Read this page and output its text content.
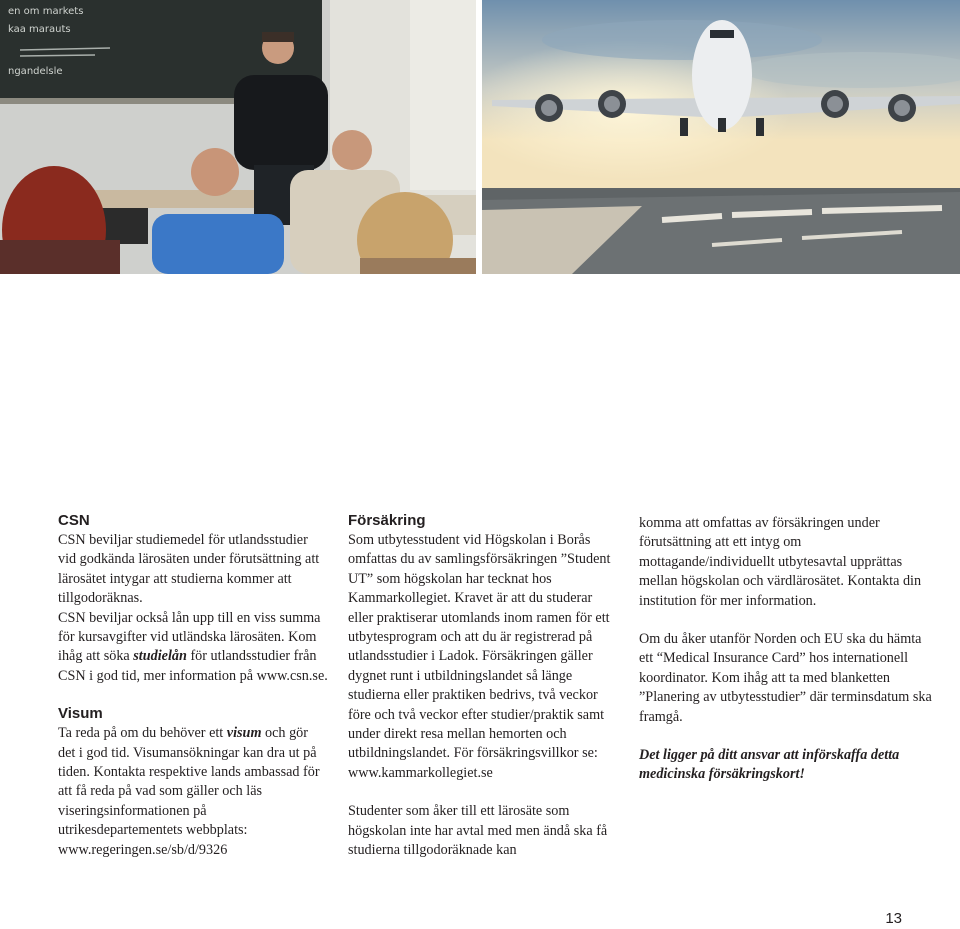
en om markets
kaa marauts
ngandelsle
CSN

CSN beviljar studiemedel för utlandsstudier vid godkända lärosäten under förutsättning att lärosätet intygar att studierna kommer att tillgodoräknas.

CSN beviljar också lån upp till en viss summa för kursavgifter vid utländska lärosäten. Kom ihåg att söka studielån för utlandsstudier från CSN i god tid, mer information på www.csn.se.

Visum

Ta reda på om du behöver ett visum och gör det i god tid. Visumansökningar kan dra ut på tiden. Kontakta respektive lands ambassad för att få reda på vad som gäller och läs viseringsinformationen på utrikesdepartementets webbplats: www.regeringen.se/sb/d/9326

Försäkring

Som utbytesstudent vid Högskolan i Borås omfattas du av samlingsförsäkringen ”Student UT” som högskolan har tecknat hos Kammarkollegiet. Kravet är att du studerar eller praktiserar utomlands inom ramen för ett utbytesprogram och att du är registrerad på utlandsstudier i Ladok. Försäkringen gäller dygnet runt i utbildningslandet så länge studierna eller praktiken bedrivs, två veckor före och två veckor efter studier/praktik samt under direkt resa mellan hemorten och utbildningslandet. För försäkringsvillkor se: www.kammarkollegiet.se

Studenter som åker till ett lärosäte som högskolan inte har avtal med men ändå ska få studierna tillgodoräknade kan

komma att omfattas av försäkringen under förutsättning att ett intyg om mottagande/individuellt utbytesavtal upprättas mellan högskolan och värdlärosätet. Kontakta din institution för mer information.

Om du åker utanför Norden och EU ska du hämta ett “Medical Insurance Card” hos internationell koordinator. Kom ihåg att ta med blanketten ”Planering av utbytesstudier” där terminsdatum ska framgå.

Det ligger på ditt ansvar att införskaffa detta medicinska försäkringskort!

13
